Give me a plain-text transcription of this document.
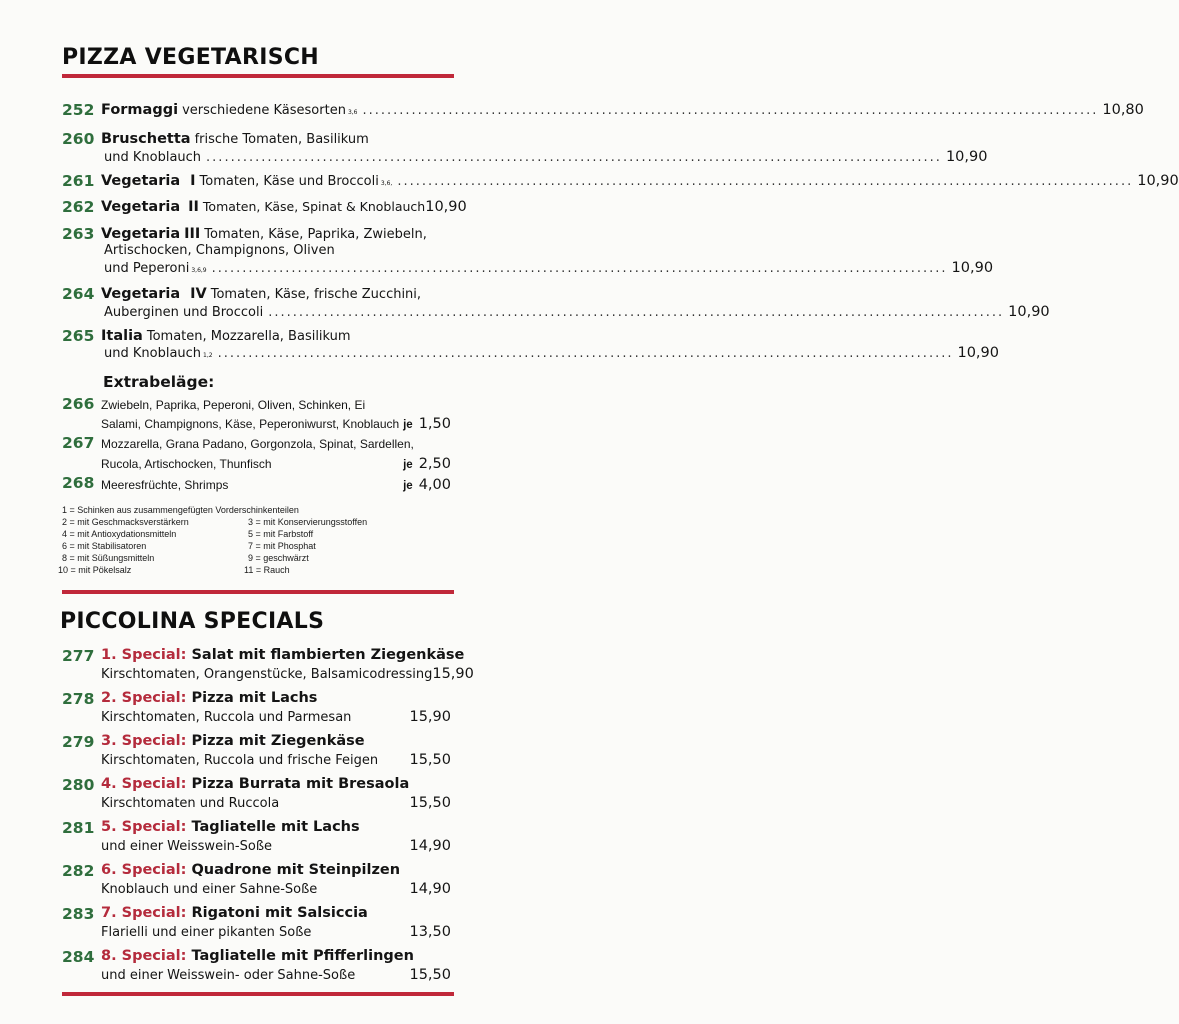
PIZZA VEGETARISCH
252 Formaggi verschiedene Käsesorten 3,6 .....	10,80
260 Bruschetta frische Tomaten, Basilikum
und Knoblauch .....	10,90
261 Vegetaria I Tomaten, Käse und Broccoli 3,6, .....	10,90
262 Vegetaria II Tomaten, Käse, Spinat & Knoblauch 10,90
263 Vegetaria III Tomaten, Käse, Paprika, Zwiebeln,
Artischocken, Champignons, Oliven
und Peperoni 3,6,9 .....	10,90
264 Vegetaria IV Tomaten, Käse, frische Zucchini,
Auberginen und Broccoli .....	10,90
265 Italia Tomaten, Mozzarella, Basilikum
und Knoblauch 1,2 .....	10,90
Extrabeläge:
266 Zwiebeln, Paprika, Peperoni, Oliven, Schinken, Ei
Salami, Champignons, Käse, Peperoniwurst, Knoblauch je 1,50
267 Mozzarella, Grana Padano, Gorgonzola, Spinat, Sardellen,
Rucola, Artischocken, Thunfisch	je 2,50
268 Meeresfrüchte, Shrimps	je 4,00
1 = Schinken aus zusammengefügten Vorderschinkenteilen
2 = mit Geschmacksverstärkern
4 = mit Antioxydationsmitteln
6 = mit Stabilisatoren
8 = mit Süßungsmitteln
10 = mit Pökelsalz
3 = mit Konservierungsstoffen
5 = mit Farbstoff
7 = mit Phosphat
9 = geschwärzt
11 = Rauch
PICCOLINA SPECIALS
277 1. Special: Salat mit flambierten Ziegenkäse
Kirschtomaten, Orangenstücke, Balsamicodressing 15,90
278 2. Special: Pizza mit Lachs
Kirschtomaten, Ruccola und Parmesan	15,90
279 3. Special: Pizza mit Ziegenkäse
Kirschtomaten, Ruccola und frische Feigen 15,50
280 4. Special: Pizza Burrata mit Bresaola
Kirschtomaten und Ruccola	15,50
281 5. Special: Tagliatelle mit Lachs
und einer Weisswein-Soße	14,90
282 6. Special: Quadrone mit Steinpilzen
Knoblauch und einer Sahne-Soße	14,90
283 7. Special: Rigatoni mit Salsiccia
Flarielli und einer pikanten Soße	13,50
284 8. Special: Tagliatelle mit Pfifferlingen
und einer Weisswein- oder Sahne-Soße	15,50
